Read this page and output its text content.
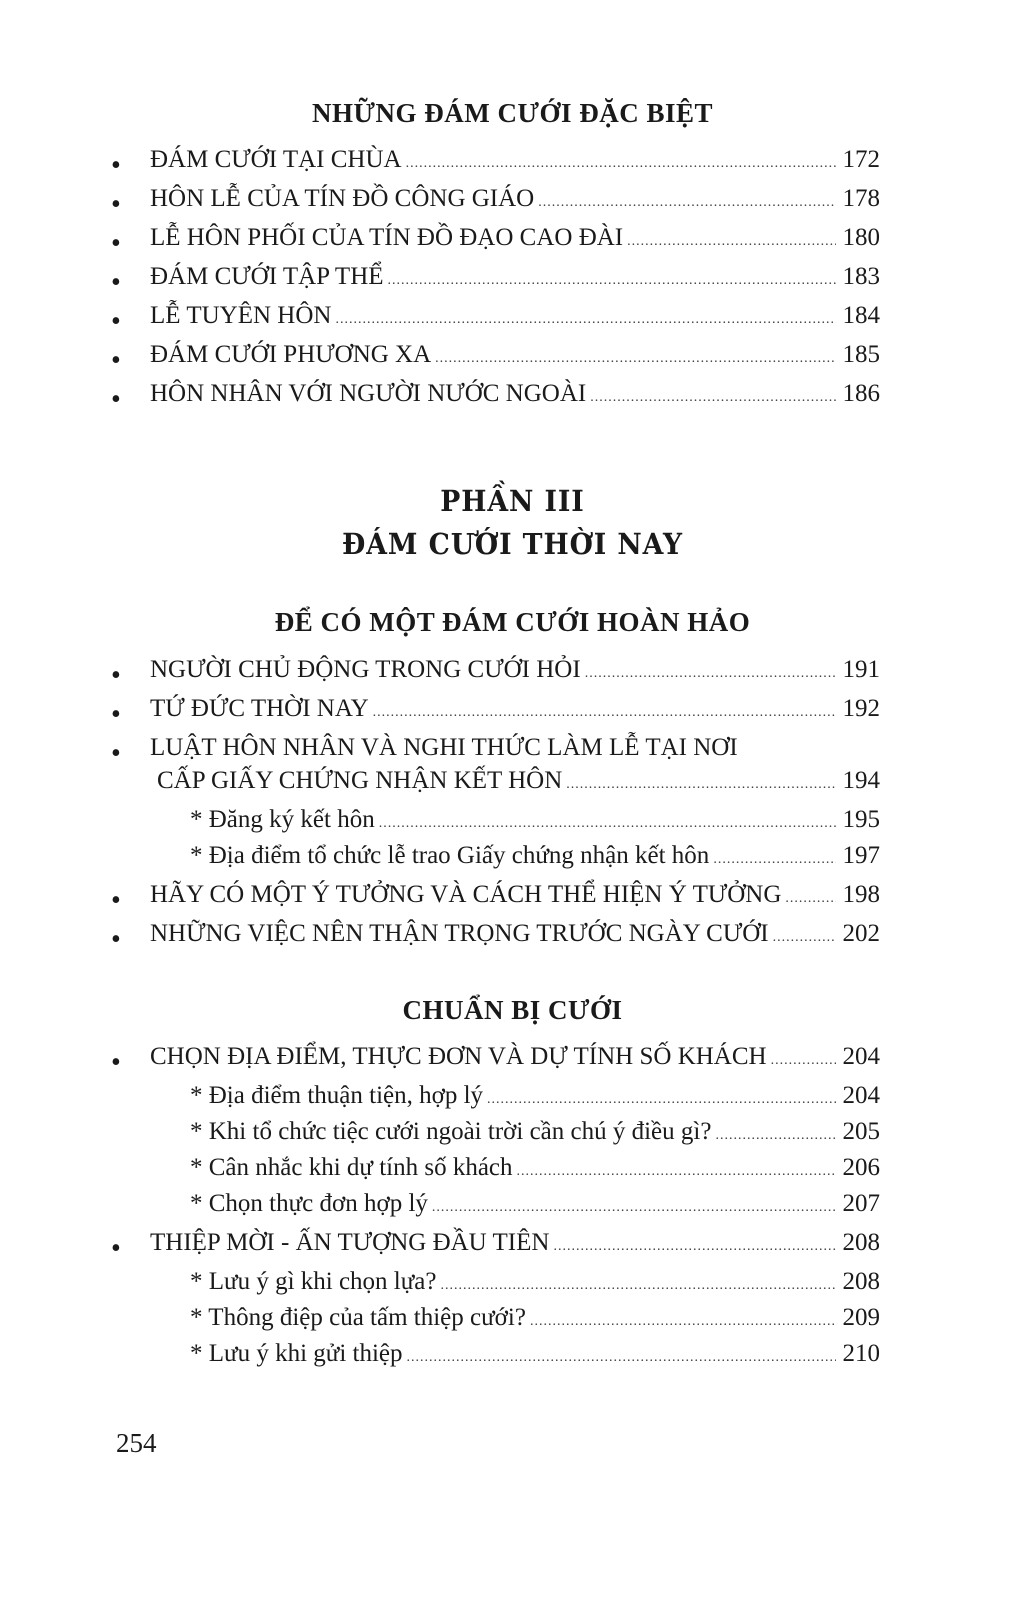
NHỮNG ĐÁM CƯỚI ĐẶC BIỆT
•
ĐÁM CƯỚI TẠI CHÙA .....	172
•
HÔN LỄ CỦA TÍN ĐỒ CÔNG GIÁO .....	178
•
LỄ HÔN PHỐI CỦA TÍN ĐỒ ĐẠO CAO ĐÀI .....	180
•
ĐÁM CƯỚI TẬP THỂ .....	183
•
LỄ TUYÊN HÔN .....	184
•
ĐÁM CƯỚI PHƯƠNG XA .....	185
•
HÔN NHÂN VỚI NGƯỜI NƯỚC NGOÀI .....	186
PHẦN III
ĐÁM CƯỚI THỜI NAY
ĐỂ CÓ MỘT ĐÁM CƯỚI HOÀN HẢO
•
NGƯỜI CHỦ ĐỘNG TRONG CƯỚI HỎI .....	191
•
TỨ ĐỨC THỜI NAY .....	192
•
LUẬT HÔN NHÂN VÀ NGHI THỨC LÀM LỄ TẠI NƠI
CẤP GIẤY CHỨNG NHẬN KẾT HÔN .....	194
* Đăng ký kết hôn .....	195
* Địa điểm tổ chức lễ trao Giấy chứng nhận kết hôn .....	197
•
HÃY CÓ MỘT Ý TƯỞNG VÀ CÁCH THỂ HIỆN Ý TƯỞNG ..... 198
•
NHỮNG VIỆC NÊN THẬN TRỌNG TRƯỚC NGÀY CƯỚI .....	202
CHUẨN BỊ CƯỚI
•
CHỌN ĐỊA ĐIỂM, THỰC ĐƠN VÀ DỰ TÍNH SỐ KHÁCH .....	204
* Địa điểm thuận tiện, hợp lý .....	204
* Khi tổ chức tiệc cưới ngoài trời cần chú ý điều gì? .....	205
* Cân nhắc khi dự tính số khách .....	206
* Chọn thực đơn hợp lý .....	207
•
THIỆP MỜI - ẤN TƯỢNG ĐẦU TIÊN .....	208
* Lưu ý gì khi chọn lựa? .....	208
* Thông điệp của tấm thiệp cưới? .....	209
* Lưu ý khi gửi thiệp .....	210
254
